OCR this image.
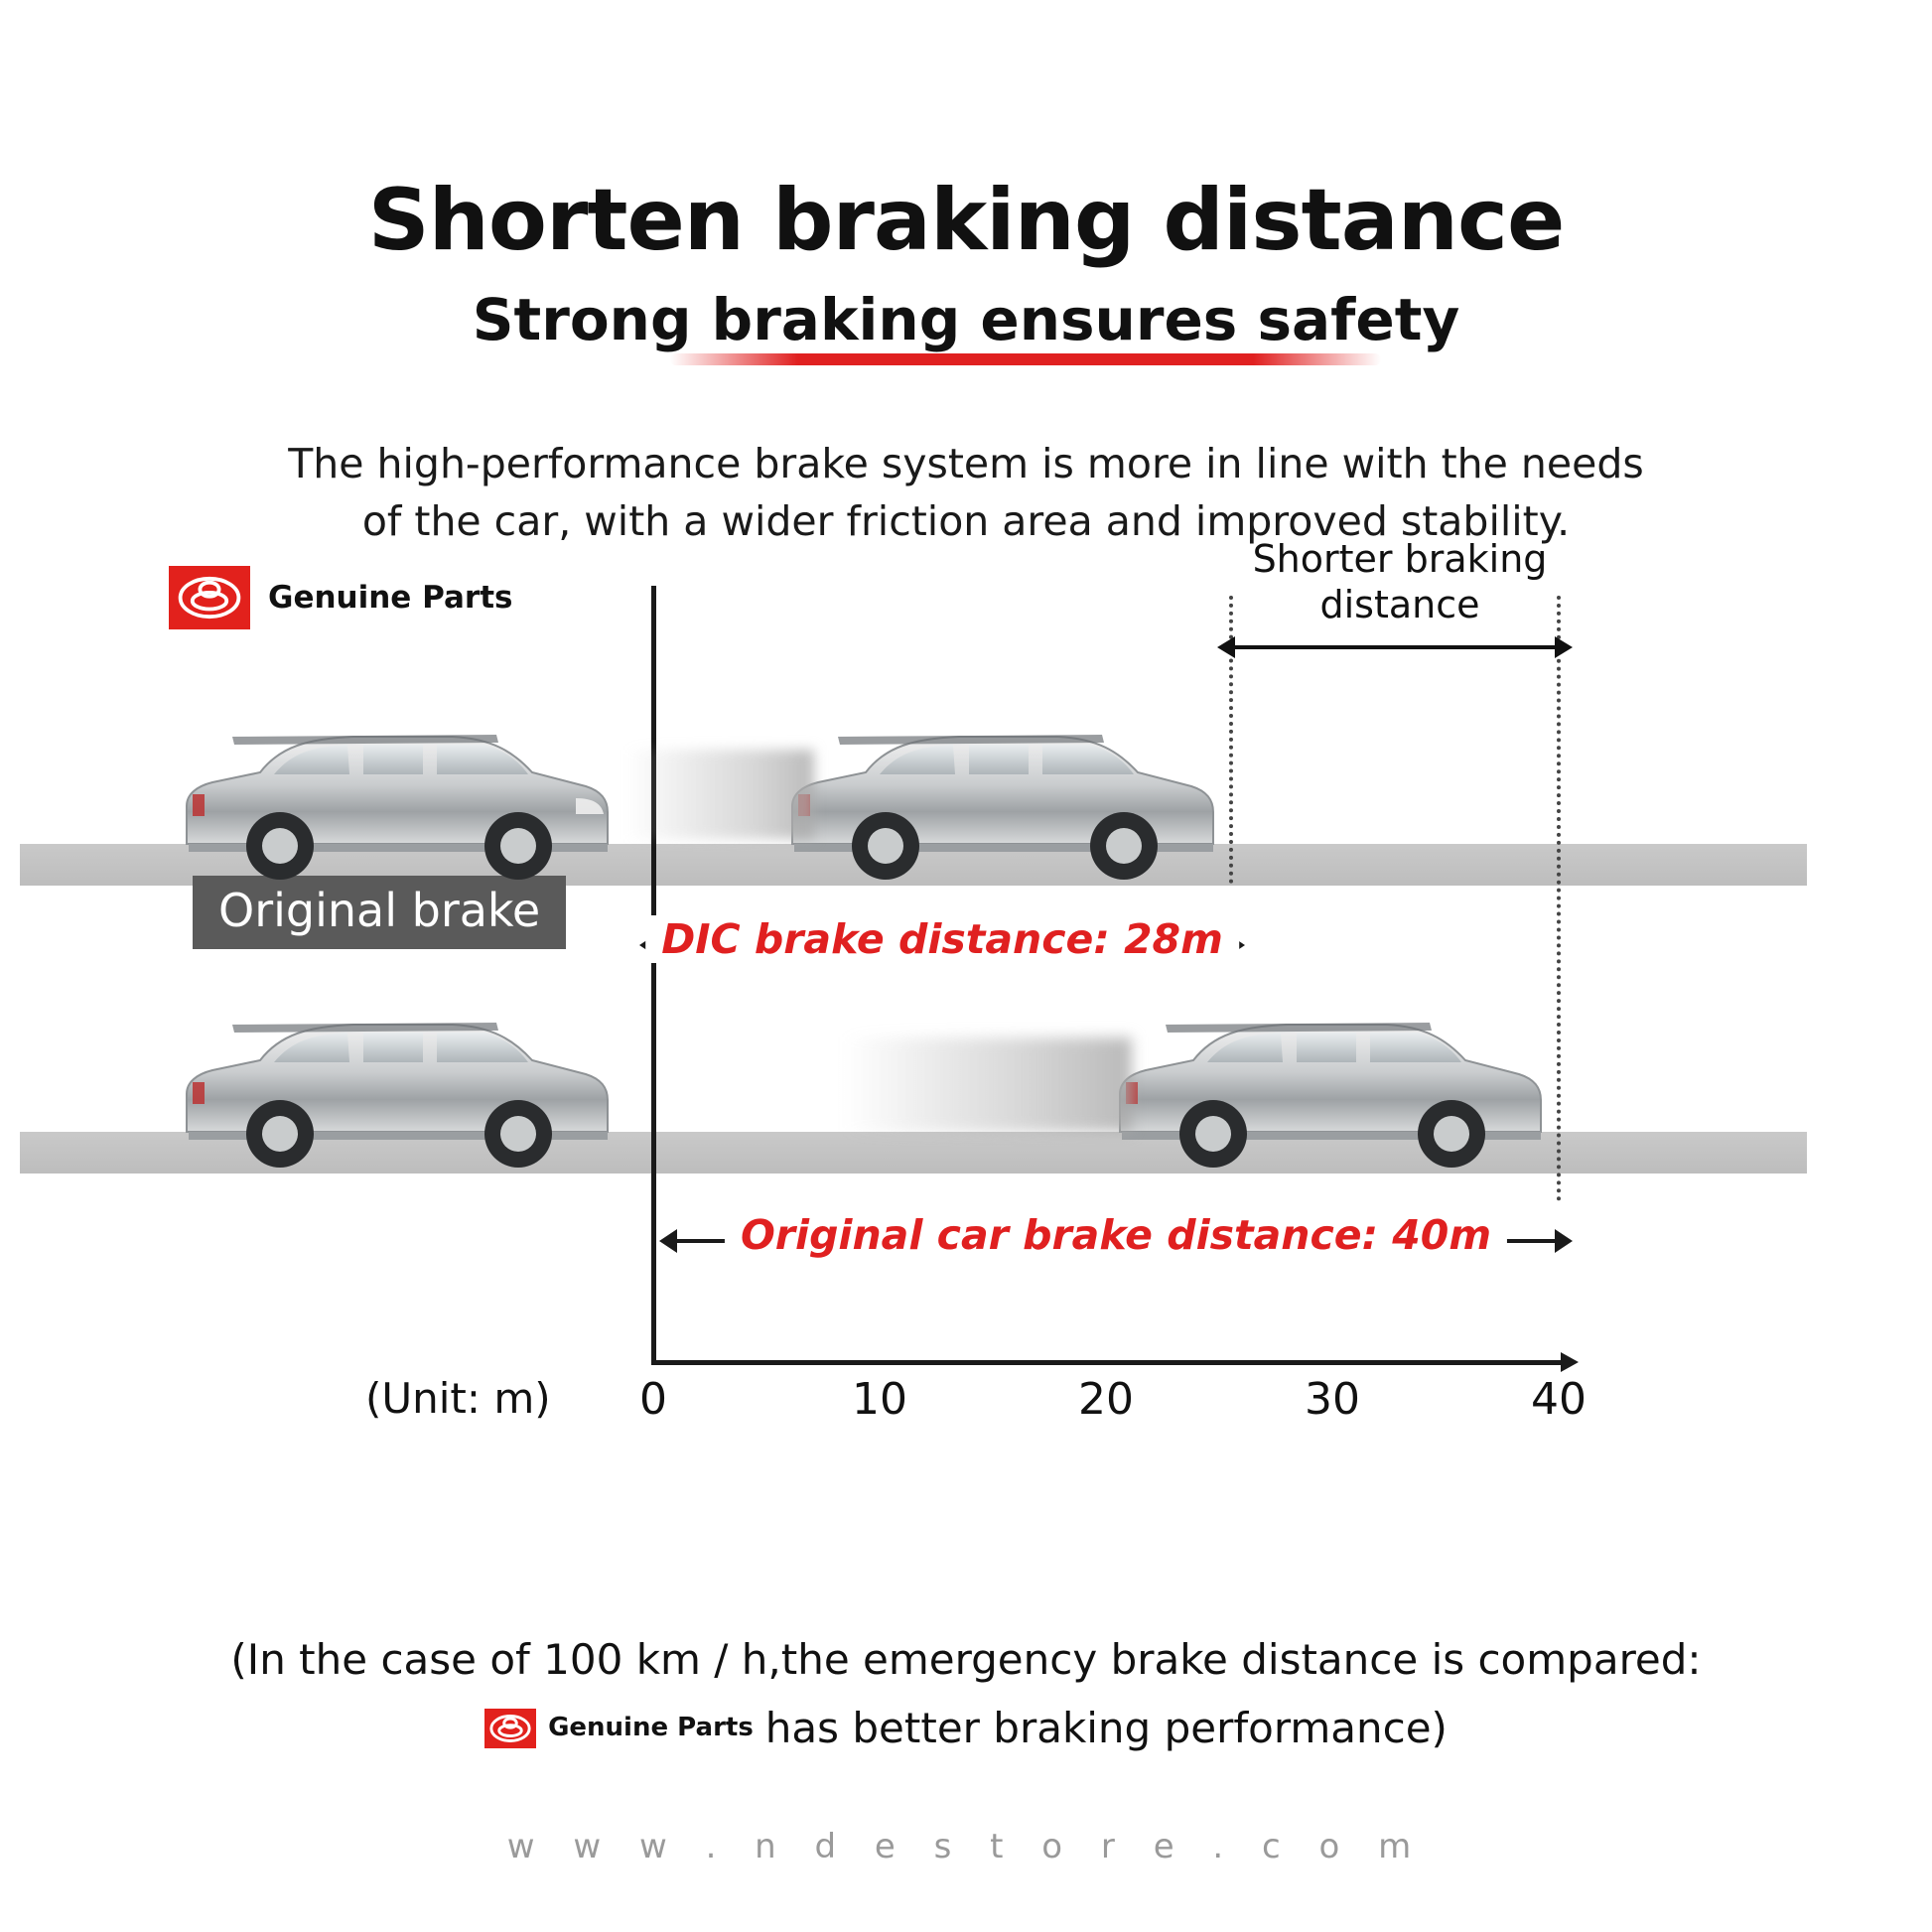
Shorten braking distance
Strong braking ensures safety
The high-performance brake system is more in line with the needs
of the car, with a wider friction area and improved stability.
Shorter braking
distance
Genuine Parts
Original brake
DIC brake distance: 28m
Original car brake distance: 40m
(Unit: m) 0	10	20	30	40
(In the case of 100 km / h,the emergency brake distance is compared:
Genuine Parts has better braking performance)
w w w . n d e s t o r e . c o m
